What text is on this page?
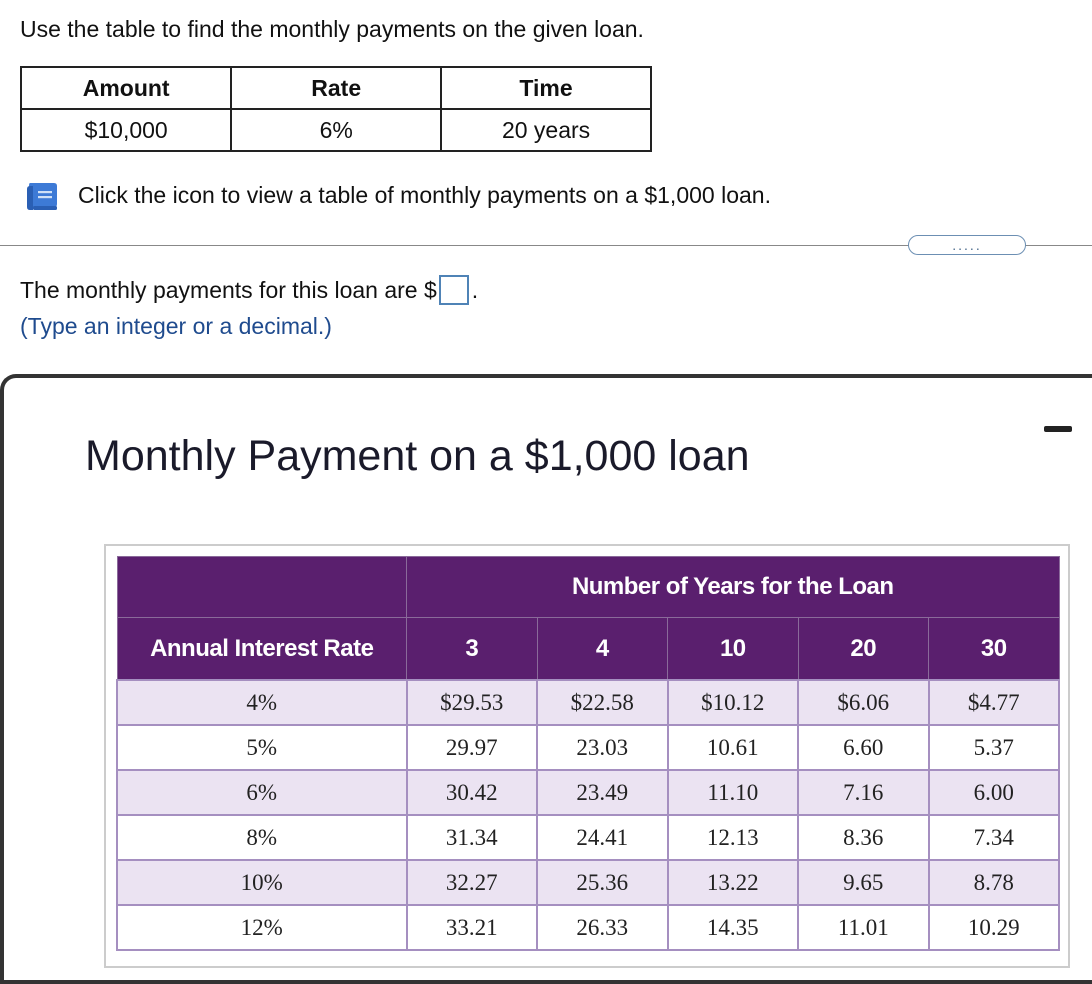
Use the table to find the monthly payments on the given loan.
Amount	Rate	Time
$10,000	6%	20 years
Click the icon to view a table of monthly payments on a $1,000 loan.
.....
The monthly payments for this loan are $ .
(Type an integer or a decimal.)
Monthly Payment on a $1,000 loan
	Number of Years for the Loan				
Annual Interest Rate	3	4	10	20	30
4%	$29.53	$22.58	$10.12	$6.06	$4.77
5%	29.97	23.03	10.61	6.60	5.37
6%	30.42	23.49	11.10	7.16	6.00
8%	31.34	24.41	12.13	8.36	7.34
10%	32.27	25.36	13.22	9.65	8.78
12%	33.21	26.33	14.35	11.01	10.29
